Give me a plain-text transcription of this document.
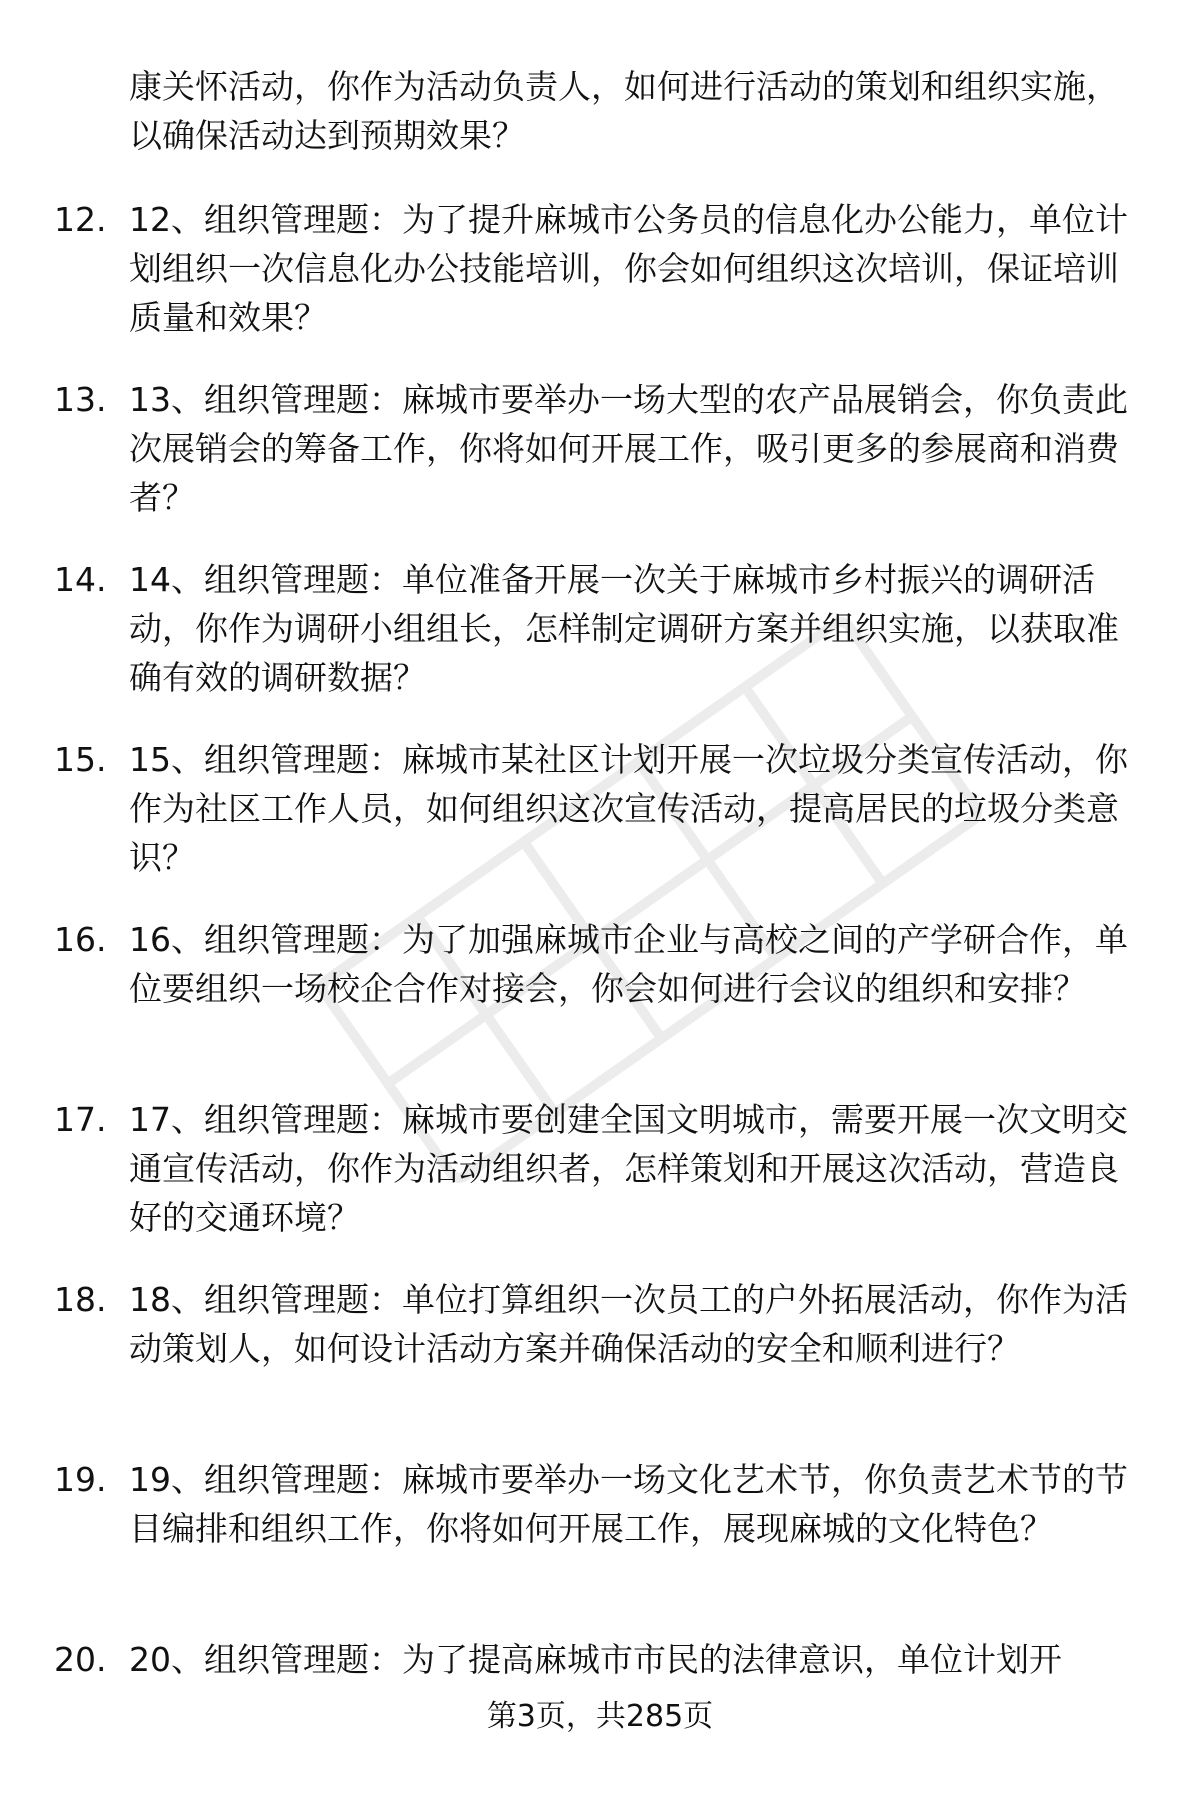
康关怀活动，你作为活动负责人，如何进行活动的策划和组织实施，以确保活动达到预期效果？
12. 12、组织管理题：为了提升麻城市公务员的信息化办公能力，单位计划组织一次信息化办公技能培训，你会如何组织这次培训，保证培训质量和效果？
13. 13、组织管理题：麻城市要举办一场大型的农产品展销会，你负责此次展销会的筹备工作，你将如何开展工作，吸引更多的参展商和消费者？
14. 14、组织管理题：单位准备开展一次关于麻城市乡村振兴的调研活动，你作为调研小组组长，怎样制定调研方案并组织实施，以获取准确有效的调研数据？
15. 15、组织管理题：麻城市某社区计划开展一次垃圾分类宣传活动，你作为社区工作人员，如何组织这次宣传活动，提高居民的垃圾分类意识？
16. 16、组织管理题：为了加强麻城市企业与高校之间的产学研合作，单位要组织一场校企合作对接会，你会如何进行会议的组织和安排？
17. 17、组织管理题：麻城市要创建全国文明城市，需要开展一次文明交通宣传活动，你作为活动组织者，怎样策划和开展这次活动，营造良好的交通环境？
18. 18、组织管理题：单位打算组织一次员工的户外拓展活动，你作为活动策划人，如何设计活动方案并确保活动的安全和顺利进行？
19. 19、组织管理题：麻城市要举办一场文化艺术节，你负责艺术节的节目编排和组织工作，你将如何开展工作，展现麻城的文化特色？
20. 20、组织管理题：为了提高麻城市市民的法律意识，单位计划开
第3页，共285页
